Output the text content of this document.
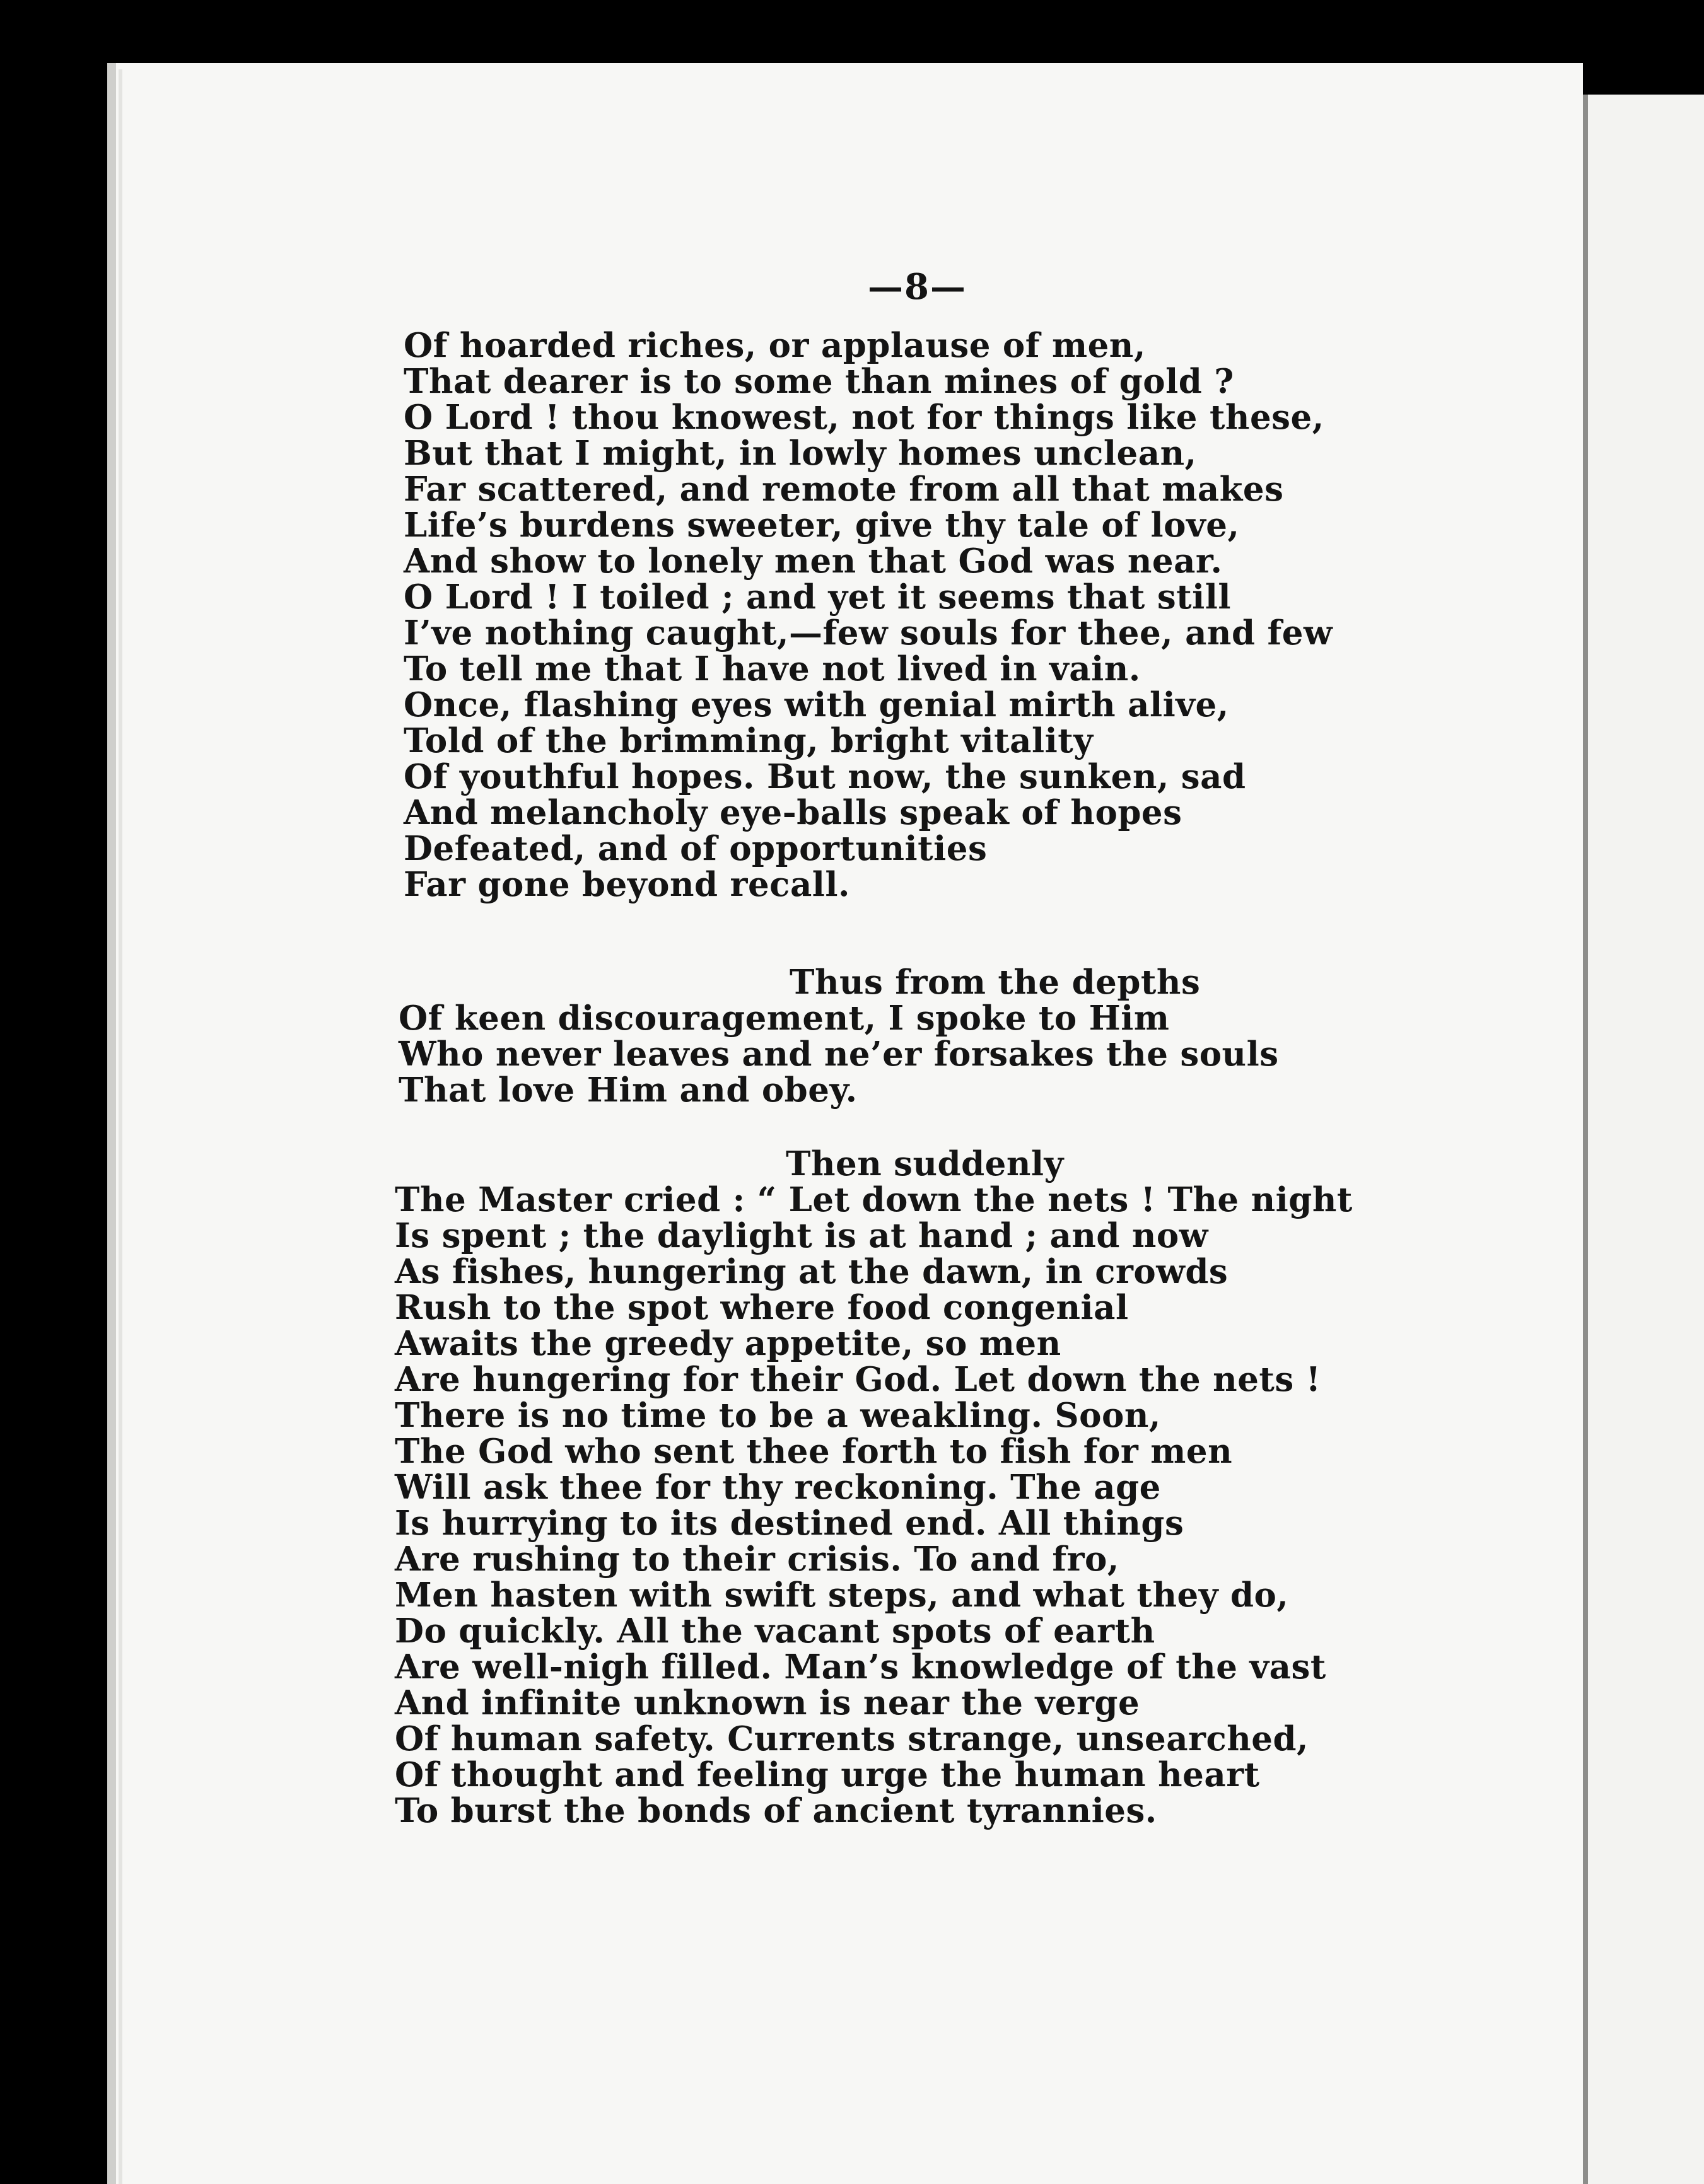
—8—
Of hoarded riches, or applause of men,
That dearer is to some than mines of gold ?
O Lord ! thou knowest, not for things like these,
But that I might, in lowly homes unclean,
Far scattered, and remote from all that makes
Life’s burdens sweeter, give thy tale of love,
And show to lonely men that God was near.
O Lord ! I toiled ; and yet it seems that still
I’ve nothing caught,—few souls for thee, and few
To tell me that I have not lived in vain.
Once, flashing eyes with genial mirth alive,
Told of the brimming, bright vitality
Of youthful hopes. But now, the sunken, sad
And melancholy eye-balls speak of hopes
Defeated, and of opportunities
Far gone beyond recall.
Thus from the depths
Of keen discouragement, I spoke to Him
Who never leaves and ne’er forsakes the souls
That love Him and obey.
Then suddenly
The Master cried : “ Let down the nets ! The night
Is spent ; the daylight is at hand ; and now
As fishes, hungering at the dawn, in crowds
Rush to the spot where food congenial
Awaits the greedy appetite, so men
Are hungering for their God. Let down the nets !
There is no time to be a weakling. Soon,
The God who sent thee forth to fish for men
Will ask thee for thy reckoning. The age
Is hurrying to its destined end. All things
Are rushing to their crisis. To and fro,
Men hasten with swift steps, and what they do,
Do quickly. All the vacant spots of earth
Are well-nigh filled. Man’s knowledge of the vast
And infinite unknown is near the verge
Of human safety. Currents strange, unsearched,
Of thought and feeling urge the human heart
To burst the bonds of ancient tyrannies.
